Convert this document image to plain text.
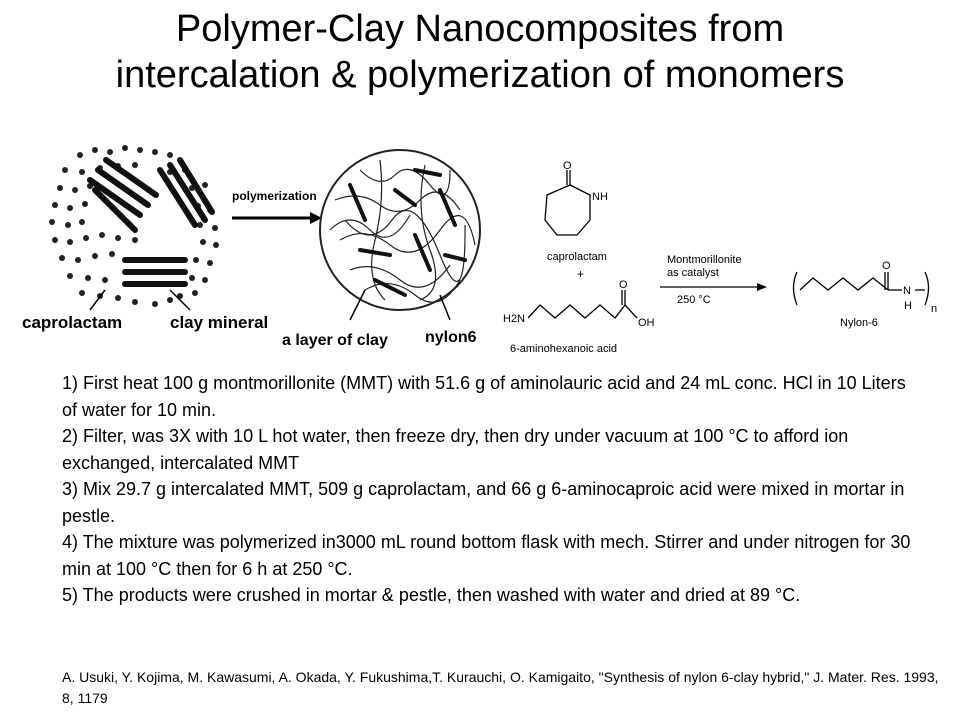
Polymer-Clay Nanocomposites from
intercalation & polymerization of monomers
caprolactam	clay mineral
polymerization
a layer of clay nylon6
O
NH
caprolactam
+
H2N
O
OH
6-aminohexanoic acid
Montmorillonite
as catalyst
250 °C
O
N
H n
Nylon-6

1) First heat 100 g montmorillonite (MMT) with 51.6 g of aminolauric acid and 24 mL conc. HCl in 10 Liters of water for 10 min.

2) Filter, was 3X with 10 L hot water, then freeze dry, then dry under vacuum at 100 °C to afford ion exchanged, intercalated MMT

3) Mix 29.7 g intercalated MMT, 509 g caprolactam, and 66 g 6-aminocaproic acid were mixed in mortar in pestle.

4) The mixture was polymerized in3000 mL round bottom flask with mech. Stirrer and under nitrogen for 30 min at 100 °C then for 6 h at 250 °C.

5) The products were crushed in mortar & pestle, then washed with water and dried at 89 °C.

A. Usuki, Y. Kojima, M. Kawasumi, A. Okada, Y. Fukushima,T. Kurauchi, O. Kamigaito, "Synthesis of nylon 6-clay hybrid," J. Mater. Res. 1993, 8, 1179
